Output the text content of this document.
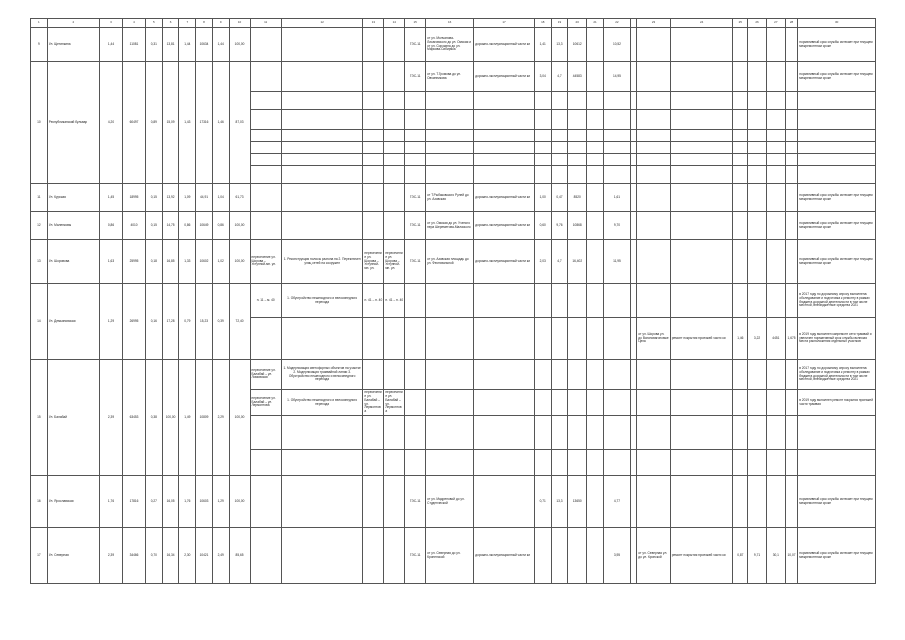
1	2	3	4	5	6	7	8	9	10	11	12	13	14	15	16	17	18	19	20	21	22		23	24	25	26	27	28	30
9	Ул. Щетинкина	1,44	11081	0,31	13,81	1,44	10634	1,44	100,00					ГЭС-11	от ул. Молчанова-Лисаговского до ул. Омская и от ул. Сорокина до ул. Маркова-Сибиряка	дорожно-эксплуатационный части ки	1,41	13,3	10612		10,52								нормативный срок службы истекает при текущем межремонтном сроке
10	Республиканский бульвар	4,20	60497	0,89	15,09	1,43	17316	1,46	87,03					ГЭС-11	от ул. Т.Громова до ул. Овчинникова	дорожно-эксплуатационный части ки	3,04	4,7	44583		14,95								нормативный срок службы истекает при текущем межремонтном сроке

11	Ул. Курская	1,45	18995	0,15	13,92	1,09	44,91	1,04	61,73					ГЭС-11	от Т.Рыбаковского Рулей до ул. Азовская	дорожно-эксплуатационный части ки	1,00	0,47	8520		1,61								нормативный срок службы истекает при текущем межремонтном сроке
12	Ул. Маленковы	0,86	4010	0,15	14,75	0,86	10649	0,86	100,00					ГЭС-11	от ул. Омская до ул. Ученого пера Шереметова-Малаского	дорожно-эксплуатационный части ки	0,60	9,76	10868		9,70								нормативный срок службы истекает при текущем межремонтном сроке
13	Ул. Шоровова	1,63	25995	0,18	16,85	1,33	10602	1,02	100,00	пересечение ул. Шорова – Уступной-мп. ул.	1. Реконструкция полосы разгона на 2. Переключен улиц сетей на сооружен	пересечение ул. Шорова – Уступной-мп. ул.	пересечение ул. Шорова – Уступной-мп. ул.	ГЭС-11	от ул. Азовская площадь до ул. Фестивальной	дорожно-эксплуатационный части ки	2,03	4,7	16,402		11,95								нормативный срок службы истекает при текущем межремонтном сроке
14	Ул. Демьяновская	1,29	26995	0,16	17,28	0,79	15,23	0,39	72,40	н. 11 – м. 40	1. Обустройство пешеходного и велосипедного перехода	н. 41 – н. 40	н. 41 – н. 40																в 2017 году по дорожному опросу выполнена: обследование и подготовка к ремонту в рамках бюджета дорожной деятельности в том числе местной, внебюджетные средства 2021
																							от ул. Шорова ул. до Вагоновагоновые Цеха	ремонт покрытия проезжей части ки	1,46	3,22	4451	1,675	в 2019 году выполнен капремонт сети трамвай и увеличен нормативный срок службы включая места расположения отдельных участков
15	Ул. Балабай	2,39	63453	0,38	100,00	1,49	10809	2,29	100,00	пересечение ул. Балабай – ул. Ломовская	1. Модернизация светофорных объектов на участке 2. Модернизация трамвайной линии 3. Обустройство пешеходного и велосипедного перехода																		в 2017 году по дорожному опросу выполнена: обследование и подготовка к ремонту в рамках бюджета дорожной деятельности в том числе местной, внебюджетные средства 2021
										пересечение ул. Балабай – ул. Лермонтова	1. Обустройство пешеходного и велосипедного перехода	пересечение ул. Балабай – ул. Лермонтова	пересечение ул. Балабай – ул. Лермонтова																в 2019 году выполнен ремонт покрытия проезжей части трамвая

16	Ул. Ярославская	1,76	17816	0,27	16,05	1,76	10603	1,29	100,00					ГЭС-11	от ул. Мадреновой до ул. Студенческой		0,71	13,3	13650		4,77								нормативный срок службы истекает при текущем межремонтном сроке
17	Ул. Северная	2,39	34466	0,70	16,34	2,30	10421	2,49	85,65					ГЭС-11	от ул. Северная до ул. Кроненской	дорожно-эксплуатационный части ки					3,95		от ул. Северная ул. до ул. Кронской	ремонт покрытия проезжей части ки	0,87	9,71	30,1	10,07	нормативный срок службы истекает при текущем межремонтном сроке
